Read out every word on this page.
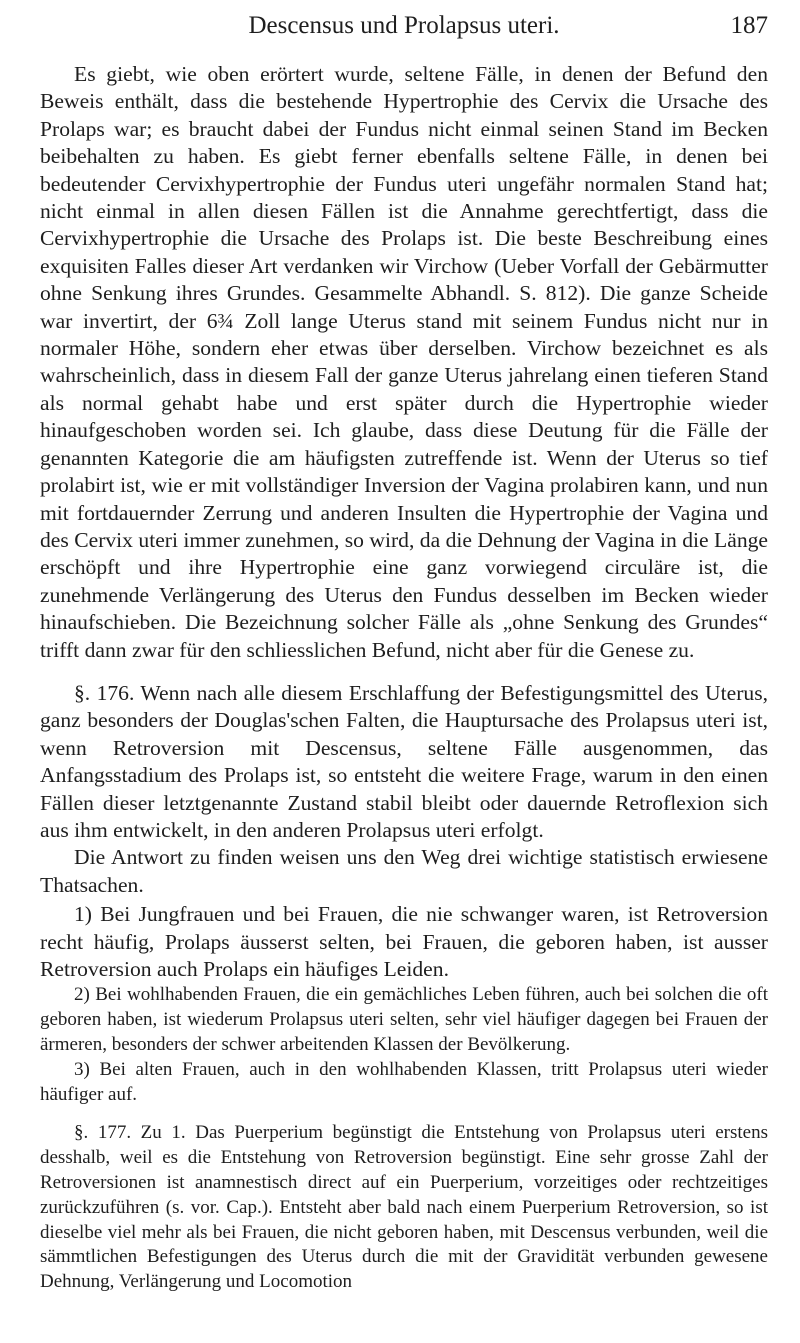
Descensus und Prolapsus uteri.	187

Es giebt, wie oben erörtert wurde, seltene Fälle, in denen der Befund den Beweis enthält, dass die bestehende Hypertrophie des Cervix die Ursache des Prolaps war; es braucht dabei der Fundus nicht einmal seinen Stand im Becken beibehalten zu haben. Es giebt ferner ebenfalls seltene Fälle, in denen bei bedeutender Cervixhypertrophie der Fundus uteri ungefähr normalen Stand hat; nicht einmal in allen diesen Fällen ist die Annahme gerechtfertigt, dass die Cervixhypertrophie die Ursache des Prolaps ist. Die beste Beschreibung eines exquisiten Falles dieser Art verdanken wir Virchow (Ueber Vorfall der Gebärmutter ohne Senkung ihres Grundes. Gesammelte Abhandl. S. 812). Die ganze Scheide war invertirt, der 6¾ Zoll lange Uterus stand mit seinem Fundus nicht nur in normaler Höhe, sondern eher etwas über derselben. Virchow bezeichnet es als wahrscheinlich, dass in diesem Fall der ganze Uterus jahrelang einen tieferen Stand als normal gehabt habe und erst später durch die Hypertrophie wieder hinaufgeschoben worden sei. Ich glaube, dass diese Deutung für die Fälle der genannten Kategorie die am häufigsten zutreffende ist. Wenn der Uterus so tief prolabirt ist, wie er mit vollständiger Inversion der Vagina prolabiren kann, und nun mit fortdauernder Zerrung und anderen Insulten die Hypertrophie der Vagina und des Cervix uteri immer zunehmen, so wird, da die Dehnung der Vagina in die Länge erschöpft und ihre Hypertrophie eine ganz vorwiegend circuläre ist, die zunehmende Verlängerung des Uterus den Fundus desselben im Becken wieder hinaufschieben. Die Bezeichnung solcher Fälle als „ohne Senkung des Grundes“ trifft dann zwar für den schliesslichen Befund, nicht aber für die Genese zu.

§. 176. Wenn nach alle diesem Erschlaffung der Befestigungsmittel des Uterus, ganz besonders der Douglas'schen Falten, die Hauptursache des Prolapsus uteri ist, wenn Retroversion mit Descensus, seltene Fälle ausgenommen, das Anfangsstadium des Prolaps ist, so entsteht die weitere Frage, warum in den einen Fällen dieser letztgenannte Zustand stabil bleibt oder dauernde Retroflexion sich aus ihm entwickelt, in den anderen Prolapsus uteri erfolgt.

Die Antwort zu finden weisen uns den Weg drei wichtige statistisch erwiesene Thatsachen.

1) Bei Jungfrauen und bei Frauen, die nie schwanger waren, ist Retroversion recht häufig, Prolaps äusserst selten, bei Frauen, die geboren haben, ist ausser Retroversion auch Prolaps ein häufiges Leiden.

2) Bei wohlhabenden Frauen, die ein gemächliches Leben führen, auch bei solchen die oft geboren haben, ist wiederum Prolapsus uteri selten, sehr viel häufiger dagegen bei Frauen der ärmeren, besonders der schwer arbeitenden Klassen der Bevölkerung.

3) Bei alten Frauen, auch in den wohlhabenden Klassen, tritt Prolapsus uteri wieder häufiger auf.

§. 177. Zu 1. Das Puerperium begünstigt die Entstehung von Prolapsus uteri erstens desshalb, weil es die Entstehung von Retroversion begünstigt. Eine sehr grosse Zahl der Retroversionen ist anamnestisch direct auf ein Puerperium, vorzeitiges oder rechtzeitiges zurückzuführen (s. vor. Cap.). Entsteht aber bald nach einem Puerperium Retroversion, so ist dieselbe viel mehr als bei Frauen, die nicht geboren haben, mit Descensus verbunden, weil die sämmtlichen Befestigungen des Uterus durch die mit der Gravidität verbunden gewesene Dehnung, Verlängerung und Locomotion
